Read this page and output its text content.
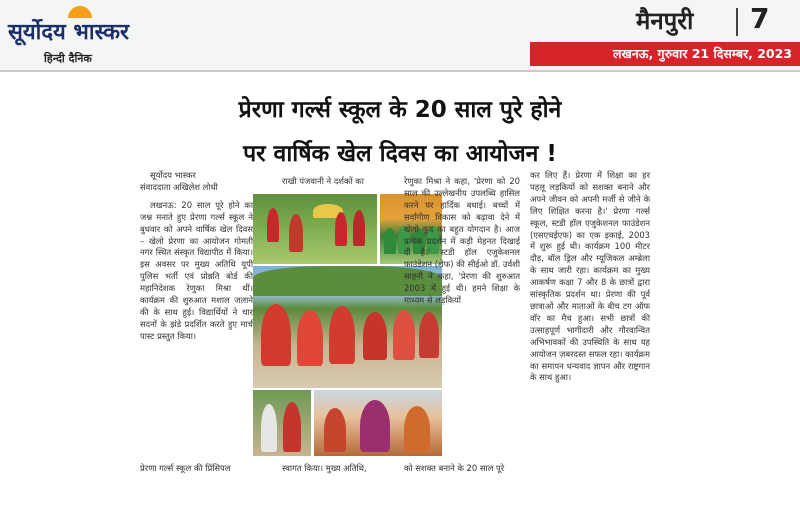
सूर्योदय भास्कर
हिन्दी दैनिक
मैनपुरी 7
लखनऊ, गुरुवार 21 दिसम्बर, 2023
प्रेरणा गर्ल्स स्कूल के 20 साल पुरे होने
पर वार्षिक खेल दिवस का आयोजन !

सूर्योदय भास्कर

संवाददाता अखिलेश लोधी

लखनऊ: 20 साल पूरे होने का जश्न मनाते हुए प्रेरणा गर्ल्स स्कूल ने बुधवार को अपने वार्षिक खेल दिवस – खेलो प्रेरणा का आयोजन गोमती नगर स्थित संस्कृत विद्यापीठ में किया। इस अवसर पर मुख्य अतिथि यूपी पुलिस भर्ती एवं प्रोन्नति बोर्ड की महानिदेशक रेणुका मिश्रा थीं। कार्यक्रम की शुरुआत मशाल जलाने की के साथ हुई। विद्यार्थियों ने चार सदनों के झंडे प्रदर्शित करते हुए मार्च पास्ट प्रस्तुत किया।

राखी पंजवानी ने दर्शकों का	रेणुका मिश्रा ने कहा, 'प्रेरणा को 20 साल की उल्लेखनीय उपलब्धि हासिल करने पर हार्दिक बधाई। बच्चों में सर्वांगीण विकास को बढ़ावा देने में खेलो कूद का बहुत योगदान है। आज प्रत्येक प्रदर्शन में कड़ी मेहनत दिखाई दी है।' स्टडी हॉल एजुकेशनल फाउंडेशन (शेफ) की सीईओ डॉ. उर्वशी साहनी ने कहा, 'प्रेरणा की शुरुआत 2003 में हुई थी। हमने शिक्षा के माध्यम से लड़कियों
कर लिए हैं। प्रेरणा में शिक्षा का हर पहलू लड़कियों को सशक्त बनाने और अपने जीवन को अपनी मर्जी से जीने के लिए शिक्षित करना है।' प्रेरणा गर्ल्स स्कूल, स्टडी हॉल एजुकेशनल फाउंडेशन (एसएचईएफ) का एक इकाई, 2003 में शुरू हुई थी। कार्यक्रम 100 मीटर दौड़, बॉल ड्रिल और म्यूजिकल अम्ब्रेला के साथ जारी रहा। कार्यक्रम का मुख्य आकर्षण कक्षा 7 और 8 के छात्रों द्वारा सांस्कृतिक प्रदर्शन था। प्रेरणा की पूर्व छात्राओं और माताओं के बीच टग ऑफ वॉर का मैच हुआ। सभी छात्रों की उत्साहपूर्ण भागीदारी और गौरवान्वित अभिभावकों की उपस्थिति के साथ यह आयोजन ज़बरदस्त सफल रहा। कार्यक्रम का समापन धन्यवाद ज्ञापन और राष्ट्रगान के साथ हुआ।
प्रेरणा गर्ल्स स्कूल की प्रिंसिपल	स्वागत किया। मुख्य अतिथि,	को सशक्त बनाने के 20 साल पूरे
